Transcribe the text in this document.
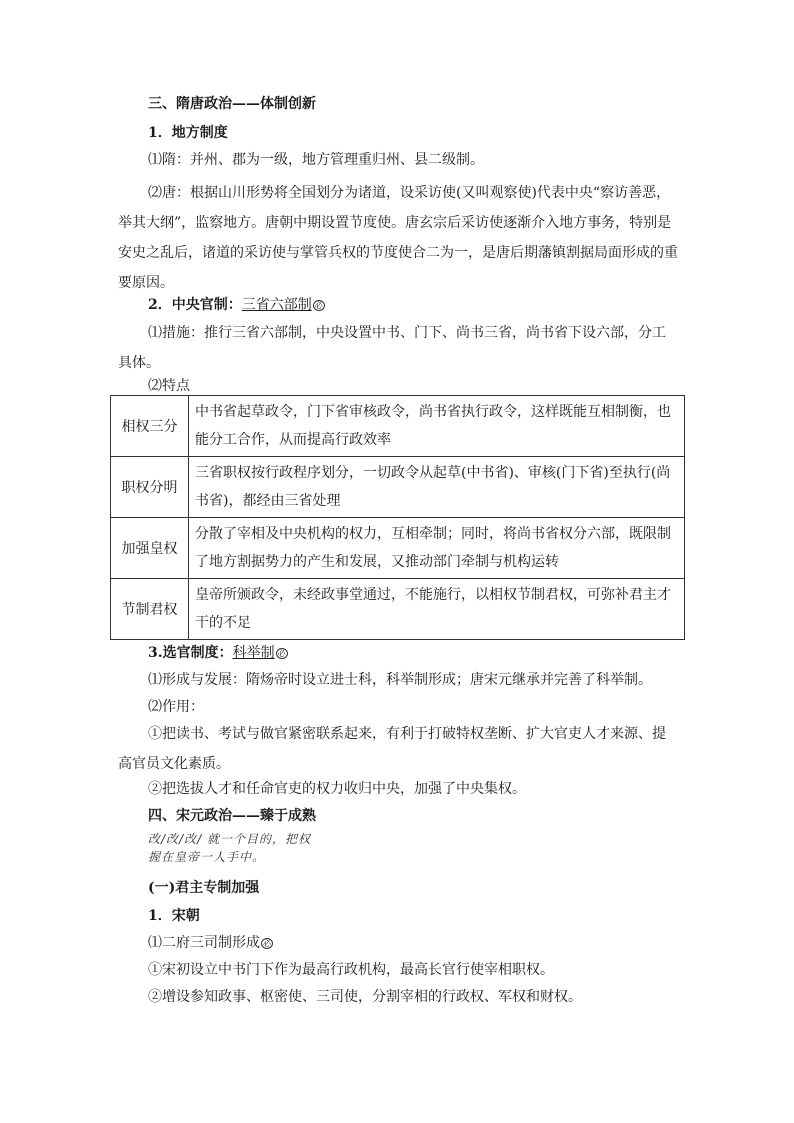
三、隋唐政治——体制创新
1．地方制度
⑴隋：并州、郡为一级，地方管理重归州、县二级制。
⑵唐：根据山川形势将全国划分为诸道，设采访使(又叫观察使)代表中央“察访善恶，举其大纲”，监察地方。唐朝中期设置节度使。唐玄宗后采访使逐渐介入地方事务，特别是安史之乱后，诸道的采访使与掌管兵权的节度使合二为一，是唐后期藩镇割据局面形成的重要原因。
2．中央官制：三省六部制 必
⑴措施：推行三省六部制，中央设置中书、门下、尚书三省，尚书省下设六部，分工具体。
⑵特点
相权三分	中书省起草政令，门下省审核政令，尚书省执行政令，这样既能互相制衡，也能分工合作，从而提高行政效率
职权分明	三省职权按行政程序划分，一切政令从起草(中书省)、审核(门下省)至执行(尚书省)，都经由三省处理
加强皇权	分散了宰相及中央机构的权力，互相牵制；同时，将尚书省权分六部，既限制了地方割据势力的产生和发展，又推动部门牵制与机构运转
节制君权	皇帝所颁政令，未经政事堂通过，不能施行，以相权节制君权，可弥补君主才干的不足
3.选官制度：科举制 必
⑴形成与发展：隋炀帝时设立进士科，科举制形成；唐宋元继承并完善了科举制。
⑵作用：
①把读书、考试与做官紧密联系起来，有利于打破特权垄断、扩大官吏人才来源、提高官员文化素质。
②把选拔人才和任命官吏的权力收归中央，加强了中央集权。
四、宋元政治——臻于成熟
改/改/改/ 就一个目的，把权
握在皇帝一人手中。
(一)君主专制加强
1．宋朝
⑴二府三司制形成 必
①宋初设立中书门下作为最高行政机构，最高长官行使宰相职权。
②增设参知政事、枢密使、三司使，分割宰相的行政权、军权和财权。
